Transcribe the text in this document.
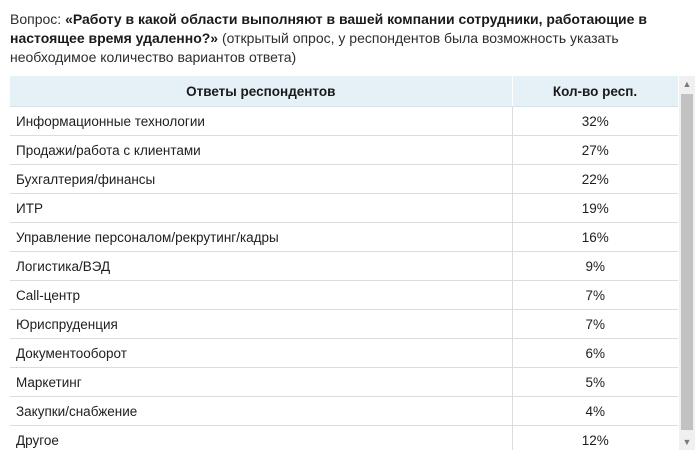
Вопрос: «Работу в какой области выполняют в вашей компании сотрудники, работающие в настоящее время удаленно?» (открытый опрос, у респондентов была возможность указать необходимое количество вариантов ответа)
Ответы респондентов	Кол-во респ.
Информационные технологии	32%
Продажи/работа с клиентами	27%
Бухгалтерия/финансы	22%
ИТР	19%
Управление персоналом/рекрутинг/кадры	16%
Логистика/ВЭД	9%
Call-центр	7%
Юриспруденция	7%
Документооборот	6%
Маркетинг	5%
Закупки/снабжение	4%
Другое	12%
▲
▼
